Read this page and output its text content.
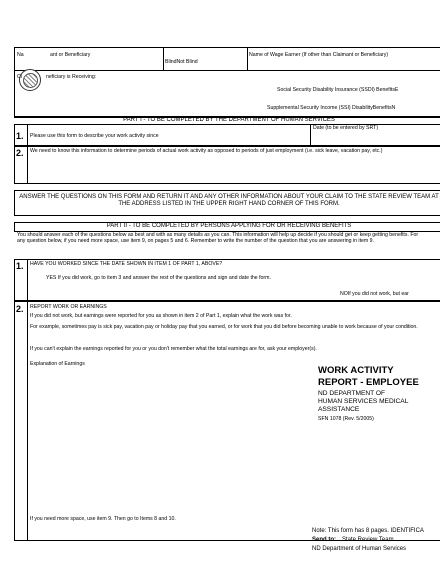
Na	ant or Beneficiary
BlindNot Blind
Name of Wage Earner (If other than Claimant or Beneficiary)
Cl	neficiary is Receiving:
Social Security Disability Insurance (SSDI) BenefitsE
Supplemental Security Income (SSI) DisabilityBenefitsN
PART I - TO BE COMPLETED BY THE DEPARTMENT OF HUMAN SERVICES
1. Please use this form to describe your work activity since
Date (to be entered by SRT)
2. We need to know this information to determine periods of actual work activity as opposed to periods of just employment (i.e. sick leave, vacation pay, etc.)
ANSWER THE QUESTIONS ON THIS FORM AND RETURN IT AND ANY OTHER INFORMATION ABOUT YOUR CLAIM TO THE STATE REVIEW TEAM AT THE ADDRESS LISTED IN THE UPPER RIGHT HAND CORNER OF THIS FORM.
PART II - TO BE COMPLETED BY PERSONS APPLYING FOR OR RECEIVING BENEFITS
You should answer each of the questions below as best and with as many details as you can. This information will help up decide if you should get or keep getting benefits. For any question below, if you need more space, use item 9, on pages 5 and 6. Remember to write the number of the question that you are answering in item 9.
1. HAVE YOU WORKED SINCE THE DATE SHOWN IN ITEM 1 OF PART 1, ABOVE?
YES If you did work, go to item 3 and answer the rest of the questions and sign and date the form.
NOIf you did not work, but ear
2. REPORT WORK OR EARNINGS
If you did not work, but earnings were reported for you as shown in item 2 of Part 1, explain what the work was for.
For example, sometimes pay is sick pay, vacation pay or holiday pay that you earned, or for work that you did before becoming unable to work because of your condition.
If you can't explain the earnings reported for you or you don't remember what the total earnings are for, ask your employer(s).
Explanation of Earnings
If you need more space, use item 9. Then go to Items 8 and 10.
WORK ACTIVITY
REPORT - EMPLOYEE
ND DEPARTMENT OF
HUMAN SERVICES MEDICAL
ASSISTANCE
SFN 1078 (Rev. 5/2005)
Note: This form has 8 pages. IDENTIFICA
Send to: State Review Team
ND Department of Human Services
